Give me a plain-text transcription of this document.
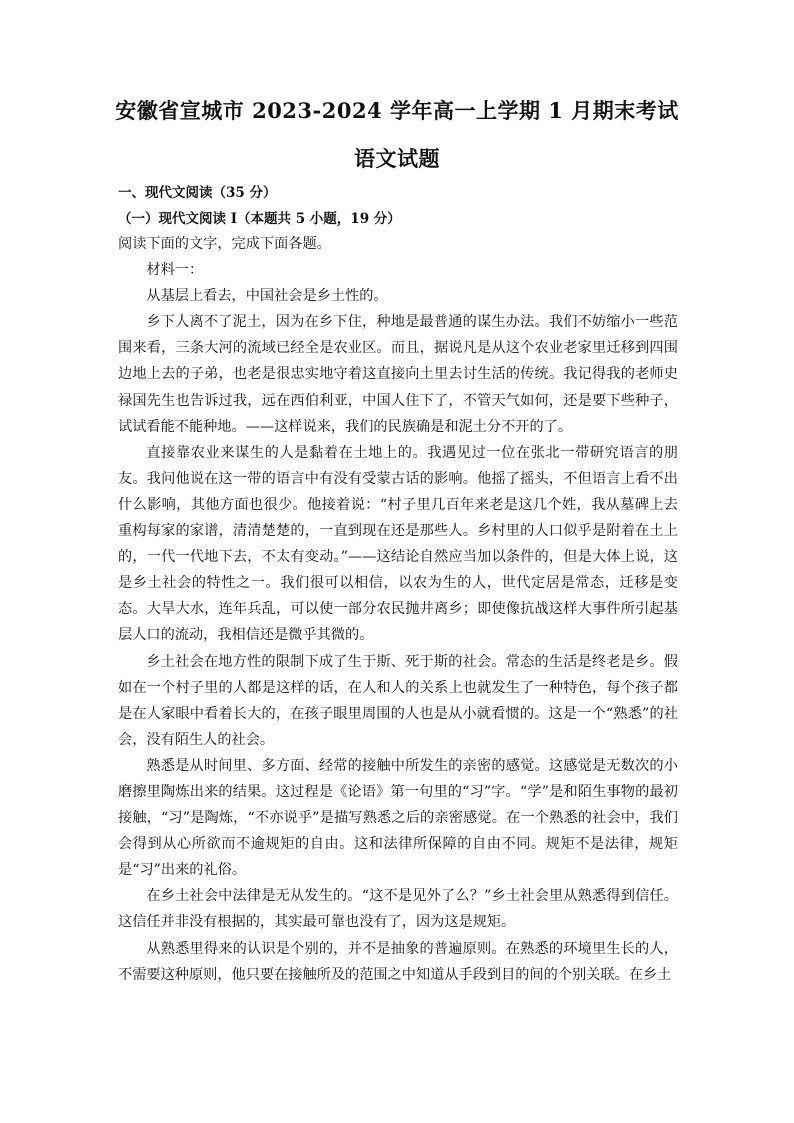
安徽省宣城市 2023-2024 学年高一上学期 1 月期末考试
语文试题
一、现代文阅读（35 分）
（一）现代文阅读 I（本题共 5 小题，19 分）

阅读下面的文字，完成下面各题。

材料一：

从基层上看去，中国社会是乡土性的。

乡下人离不了泥土，因为在乡下住，种地是最普通的谋生办法。我们不妨缩小一些范围来看，三条大河的流域已经全是农业区。而且，据说凡是从这个农业老家里迁移到四围边地上去的子弟，也老是很忠实地守着这直接向土里去讨生活的传统。我记得我的老师史禄国先生也告诉过我，远在西伯利亚，中国人住下了，不管天气如何，还是要下些种子，试试看能不能种地。——这样说来，我们的民族确是和泥土分不开的了。

直接靠农业来谋生的人是黏着在土地上的。我遇见过一位在张北一带研究语言的朋友。我问他说在这一带的语言中有没有受蒙古话的影响。他摇了摇头，不但语言上看不出什么影响，其他方面也很少。他接着说：“村子里几百年来老是这几个姓，我从墓碑上去重构每家的家谱，清清楚楚的，一直到现在还是那些人。乡村里的人口似乎是附着在土上的，一代一代地下去，不太有变动。”——这结论自然应当加以条件的，但是大体上说，这是乡土社会的特性之一。我们很可以相信，以农为生的人，世代定居是常态，迁移是变态。大旱大水，连年兵乱，可以使一部分农民抛井离乡；即使像抗战这样大事件所引起基层人口的流动，我相信还是微乎其微的。

乡土社会在地方性的限制下成了生于斯、死于斯的社会。常态的生活是终老是乡。假如在一个村子里的人都是这样的话，在人和人的关系上也就发生了一种特色，每个孩子都是在人家眼中看着长大的，在孩子眼里周围的人也是从小就看惯的。这是一个“熟悉”的社会，没有陌生人的社会。

熟悉是从时间里、多方面、经常的接触中所发生的亲密的感觉。这感觉是无数次的小磨擦里陶炼出来的结果。这过程是《论语》第一句里的“习”字。“学”是和陌生事物的最初接触，“习”是陶炼，“不亦说乎”是描写熟悉之后的亲密感觉。在一个熟悉的社会中，我们会得到从心所欲而不逾规矩的自由。这和法律所保障的自由不同。规矩不是法律，规矩是“习”出来的礼俗。

在乡土社会中法律是无从发生的。“这不是见外了么？”乡土社会里从熟悉得到信任。这信任并非没有根据的，其实最可靠也没有了，因为这是规矩。

从熟悉里得来的认识是个别的，并不是抽象的普遍原则。在熟悉的环境里生长的人，不需要这种原则，他只要在接触所及的范围之中知道从手段到目的间的个别关联。在乡土
